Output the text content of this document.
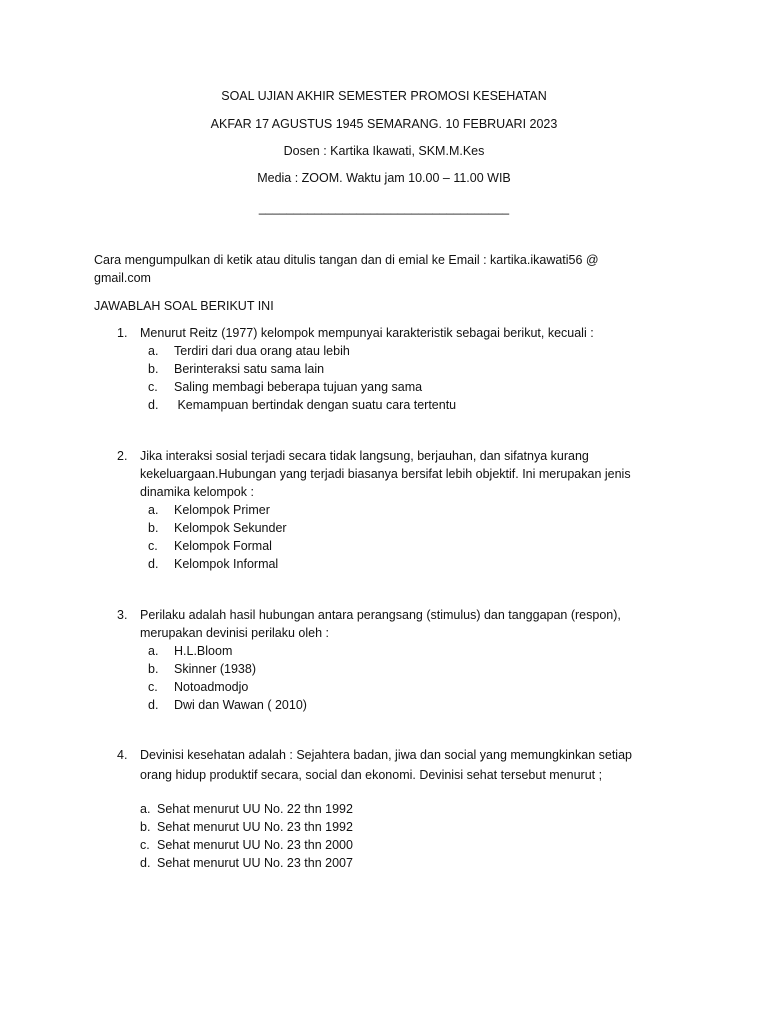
SOAL UJIAN AKHIR SEMESTER PROMOSI KESEHATAN
AKFAR 17 AGUSTUS 1945 SEMARANG. 10 FEBRUARI 2023
Dosen : Kartika Ikawati, SKM.M.Kes
Media : ZOOM. Waktu jam 10.00 – 11.00 WIB
____________________________________
Cara mengumpulkan di ketik atau ditulis tangan dan di emial ke Email : kartika.ikawati56 @
gmail.com
JAWABLAH SOAL BERIKUT INI
1. Menurut Reitz (1977) kelompok mempunyai karakteristik sebagai berikut, kecuali :
a. Terdiri dari dua orang atau lebih
b. Berinteraksi satu sama lain
c. Saling membagi beberapa tujuan yang sama
d. Kemampuan bertindak dengan suatu cara tertentu
2. Jika interaksi sosial terjadi secara tidak langsung, berjauhan, dan sifatnya kurang
kekeluargaan.Hubungan yang terjadi biasanya bersifat lebih objektif. Ini merupakan jenis
dinamika kelompok :
a. Kelompok Primer
b. Kelompok Sekunder
c. Kelompok Formal
d. Kelompok Informal
3. Perilaku adalah hasil hubungan antara perangsang (stimulus) dan tanggapan (respon),
merupakan devinisi perilaku oleh :
a. H.L.Bloom
b. Skinner (1938)
c. Notoadmodjo
d. Dwi dan Wawan ( 2010)
4. Devinisi kesehatan adalah : Sejahtera badan, jiwa dan social yang memungkinkan setiap
orang hidup produktif secara, social dan ekonomi. Devinisi sehat tersebut menurut ;
a. Sehat menurut UU No. 22 thn 1992
b. Sehat menurut UU No. 23 thn 1992
c. Sehat menurut UU No. 23 thn 2000
d. Sehat menurut UU No. 23 thn 2007
